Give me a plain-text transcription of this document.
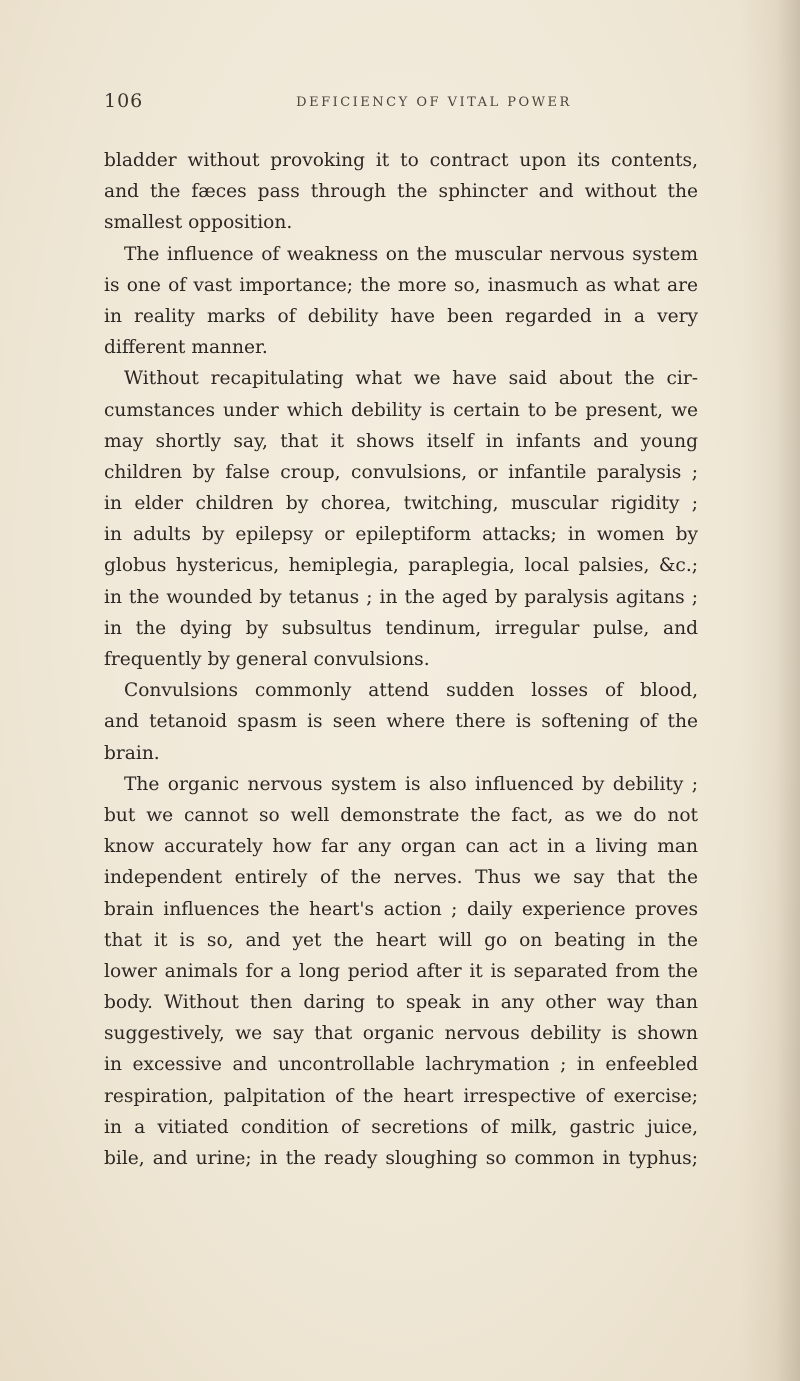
106	DEFICIENCY OF VITAL POWER
bladder without provoking it to contract upon its contents,
and the fæces pass through the sphincter and without the
smallest opposition.
The influence of weakness on the muscular nervous system
is one of vast importance; the more so, inasmuch as what are
in reality marks of debility have been regarded in a very
different manner.
Without recapitulating what we have said about the cir-
cumstances under which debility is certain to be present, we
may shortly say, that it shows itself in infants and young
children by false croup, convulsions, or infantile paralysis ;
in elder children by chorea, twitching, muscular rigidity ;
in adults by epilepsy or epileptiform attacks; in women by
globus hystericus, hemiplegia, paraplegia, local palsies, &c.;
in the wounded by tetanus ; in the aged by paralysis agitans ;
in the dying by subsultus tendinum, irregular pulse, and
frequently by general convulsions.
Convulsions commonly attend sudden losses of blood,
and tetanoid spasm is seen where there is softening of the
brain.
The organic nervous system is also influenced by debility ;
but we cannot so well demonstrate the fact, as we do not
know accurately how far any organ can act in a living man
independent entirely of the nerves. Thus we say that the
brain influences the heart's action ; daily experience proves
that it is so, and yet the heart will go on beating in the
lower animals for a long period after it is separated from the
body. Without then daring to speak in any other way than
suggestively, we say that organic nervous debility is shown
in excessive and uncontrollable lachrymation ; in enfeebled
respiration, palpitation of the heart irrespective of exercise;
in a vitiated condition of secretions of milk, gastric juice,
bile, and urine; in the ready sloughing so common in typhus;
